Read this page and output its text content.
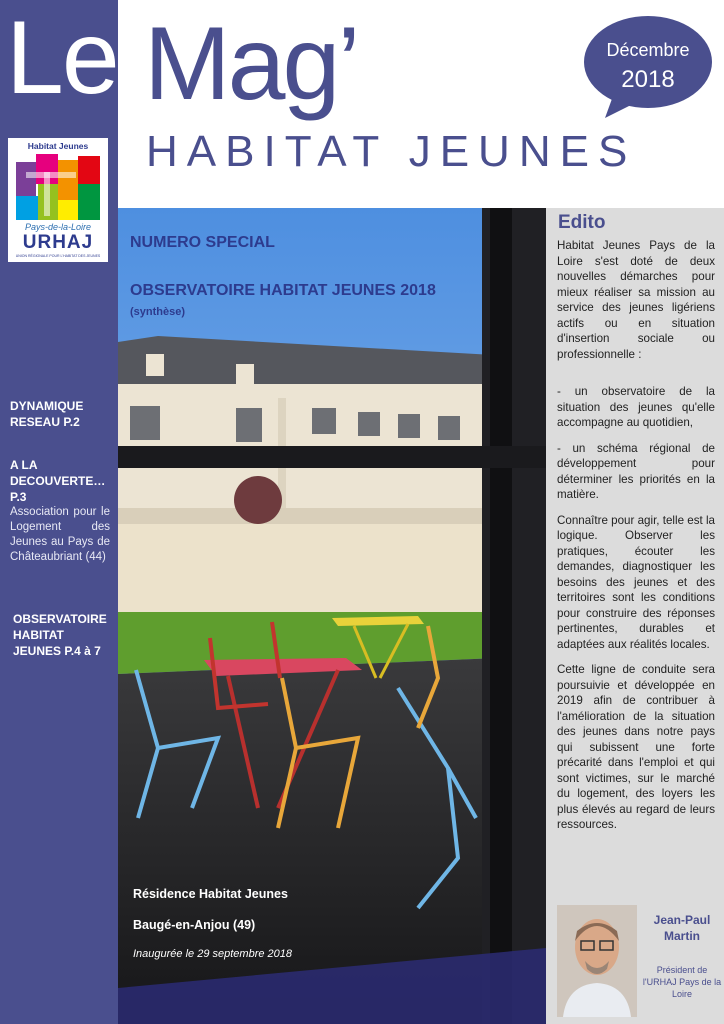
Le
Habitat Jeunes
Pays-de-la-Loire
URHAJ
UNION RÉGIONALE POUR L'HABITAT DES JEUNES
DYNAMIQUE RESEAU P.2
A LA DECOUVERTE… P.3
Association pour le Logement des Jeunes au Pays de Châteaubriant (44)
OBSERVATOIRE HABITAT JEUNES P.4 à 7
Mag’
HABITAT JEUNES
Décembre
2018
NUMERO SPECIAL
OBSERVATOIRE HABITAT JEUNES 2018
(synthèse)
Résidence Habitat Jeunes
Baugé-en-Anjou (49)
Inaugurée le 29 septembre 2018
Edito

Habitat Jeunes Pays de la Loire s'est doté de deux nouvelles démarches pour mieux réaliser sa mission au service des jeunes ligériens actifs ou en situation d'insertion sociale ou professionnelle :

- un observatoire de la situation des jeunes qu'elle accompagne au quotidien,

- un schéma régional de développement pour déterminer les priorités en la matière.

Connaître pour agir, telle est la logique. Observer les pratiques, écouter les demandes, diagnostiquer les besoins des jeunes et des territoires sont les conditions pour construire des réponses pertinentes, durables et adaptées aux réalités locales.

Cette ligne de conduite sera poursuivie et développée en 2019 afin de contribuer à l'amélioration de la situation des jeunes dans notre pays qui subissent une forte précarité dans l'emploi et qui sont victimes, sur le marché du logement, des loyers les plus élevés au regard de leurs ressources.

Jean-Paul
Martin
Président de l'URHAJ Pays de la Loire
